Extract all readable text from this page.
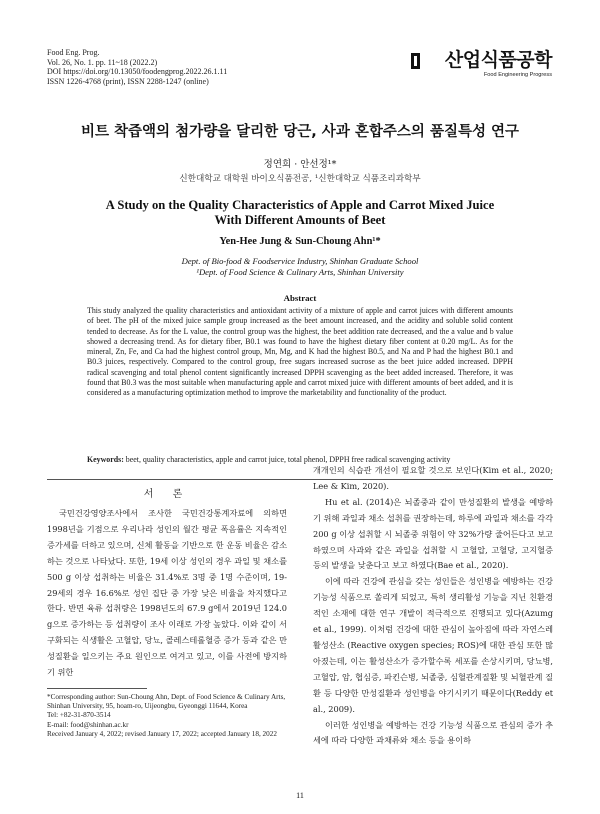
Food Eng. Prog.
Vol. 26, No. 1. pp. 11~18 (2022.2)
DOI https://doi.org/10.13050/foodengprog.2022.26.1.11
ISSN 1226-4768 (print), ISSN 2288-1247 (online)
산업식품공학
Food Engineering Progress
비트 착즙액의 첨가량을 달리한 당근, 사과 혼합주스의 품질특성 연구
정연희 · 안선정¹*
신한대학교 대학원 바이오식품전공, ¹신한대학교 식품조리과학부
A Study on the Quality Characteristics of Apple and Carrot Mixed Juice
With Different Amounts of Beet
Yen-Hee Jung & Sun-Choung Ahn¹*
Dept. of Bio-food & Foodservice Industry, Shinhan Graduate School
¹Dept. of Food Science & Culinary Arts, Shinhan University
Abstract
This study analyzed the quality characteristics and antioxidant activity of a mixture of apple and carrot juices with different amounts of beet. The pH of the mixed juice sample group increased as the beet amount increased, and the acidity and soluble solid content tended to decrease. As for the L value, the control group was the highest, the beet addition rate decreased, and the a value and b value showed a decreasing trend. As for dietary fiber, B0.1 was found to have the highest dietary fiber content at 0.20 mg/L. As for the mineral, Zn, Fe, and Ca had the highest control group, Mn, Mg, and K had the highest B0.5, and Na and P had the highest B0.1 and B0.3 juices, respectively. Compared to the control group, free sugars increased sucrose as the beet juice added increased. DPPH radical scavenging and total phenol content significantly increased DPPH scavenging as the beet added increased. Therefore, it was found that B0.3 was the most suitable when manufacturing apple and carrot mixed juice with different amounts of beet added, and it is considered as a manufacturing optimization method to improve the marketability and functionality of the product.
Keywords: beet, quality characteristics, apple and carrot juice, total phenol, DPPH free radical scavenging activity
서 론

국민건강영양조사에서 조사한 국민건강통계자료에 의하면 1998년을 기점으로 우리나라 성인의 월간 평균 폭음률은 지속적인 증가세를 더하고 있으며, 신체 활동을 기반으로 한 운동 비율은 감소하는 것으로 나타났다. 또한, 19세 이상 성인의 경우 과일 및 채소를 500 g 이상 섭취하는 비율은 31.4%로 3명 중 1명 수준이며, 19-29세의 경우 16.6%로 성인 집단 중 가장 낮은 비율을 차지했다고 한다. 반면 육류 섭취량은 1998년도의 67.9 g에서 2019년 124.0 g으로 증가하는 등 섭취량이 조사 이래로 가장 높았다. 이와 같이 서구화되는 식생활은 고혈압, 당뇨, 콜레스테롤혈증 증가 등과 같은 만성질환을 일으키는 주요 원인으로 여겨고 있고, 이를 사전에 방지하기 위한

*Corresponding author: Sun-Choung Ahn, Dept. of Food Science & Culinary Arts, Shinhan University, 95, hoam-ro, Uijeongbu, Gyeonggi 11644, Korea
Tel: +82-31-870-3514
E-mail: food@shinhan.ac.kr
Received January 4, 2022; revised January 17, 2022; accepted January 18, 2022

개개인의 식습관 개선이 필요할 것으로 보인다(Kim et al., 2020; Lee & Kim, 2020).

Hu et al. (2014)은 뇌졸중과 같이 만성질환의 발생을 예방하기 위해 과일과 채소 섭취를 권장하는데, 하루에 과일과 채소를 각각 200 g 이상 섭취할 시 뇌졸중 위험이 약 32%가량 줄어든다고 보고하였으며 사과와 같은 과일을 섭취할 시 고혈압, 고혈당, 고지혈증 등의 발생을 낮춘다고 보고 하였다(Bae et al., 2020).

이에 따라 건강에 관심을 갖는 성인들은 성인병을 예방하는 건강 기능성 식품으로 쏠리게 되었고, 특히 생리활성 기능을 지닌 친환경적인 소재에 대한 연구 개발이 적극적으로 진행되고 있다(Azumg et al., 1999). 이처럼 건강에 대한 관심이 높아짐에 따라 자연스레 활성산소 (Reactive oxygen species; ROS)에 대한 관심 또한 많아졌는데, 이는 활성산소가 증가할수록 세포를 손상시키며, 당뇨병, 고혈압, 암, 협심증, 파킨슨병, 뇌졸중, 심혈관계질환 및 뇌혈관계 질환 등 다양한 만성질환과 성인병을 야기시키기 때문이다(Reddy et al., 2009).

이러한 성인병을 예방하는 건강 기능성 식품으로 관심의 증가 추세에 따라 다양한 과채류와 채소 등을 용이하

11
